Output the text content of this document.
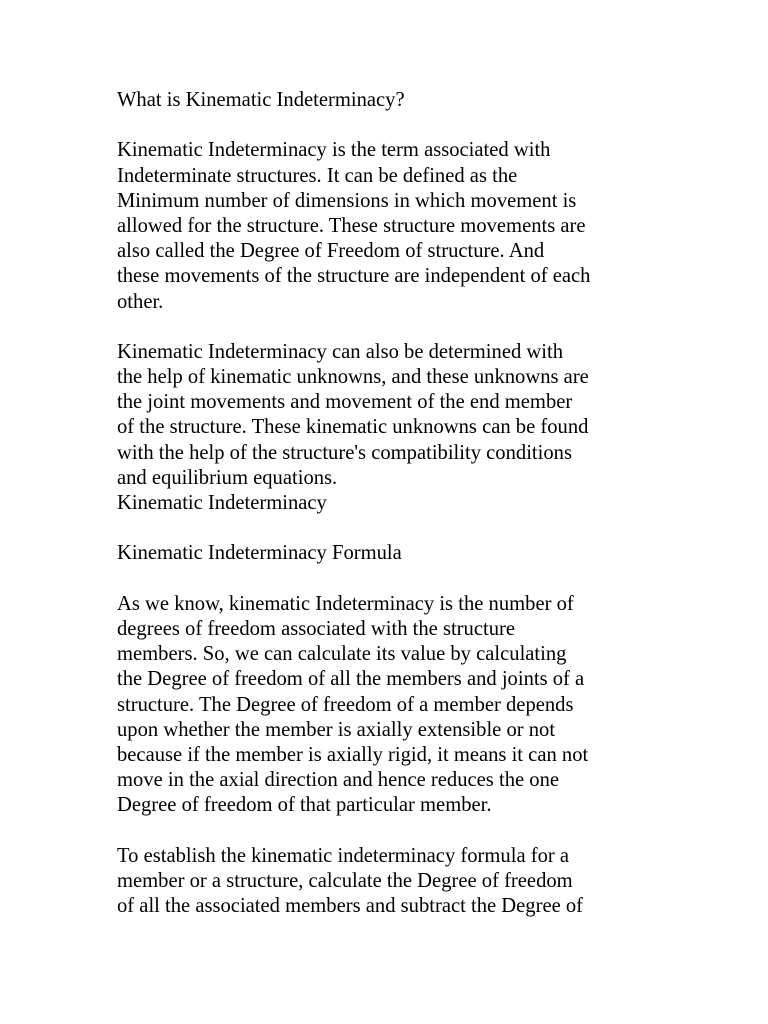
What is Kinematic Indeterminacy?
Kinematic Indeterminacy is the term associated with
Indeterminate structures. It can be defined as the
Minimum number of dimensions in which movement is
allowed for the structure. These structure movements are
also called the Degree of Freedom of structure. And
these movements of the structure are independent of each
other.
Kinematic Indeterminacy can also be determined with
the help of kinematic unknowns, and these unknowns are
the joint movements and movement of the end member
of the structure. These kinematic unknowns can be found
with the help of the structure's compatibility conditions
and equilibrium equations.
Kinematic Indeterminacy
Kinematic Indeterminacy Formula
As we know, kinematic Indeterminacy is the number of
degrees of freedom associated with the structure
members. So, we can calculate its value by calculating
the Degree of freedom of all the members and joints of a
structure. The Degree of freedom of a member depends
upon whether the member is axially extensible or not
because if the member is axially rigid, it means it can not
move in the axial direction and hence reduces the one
Degree of freedom of that particular member.
To establish the kinematic indeterminacy formula for a
member or a structure, calculate the Degree of freedom
of all the associated members and subtract the Degree of
